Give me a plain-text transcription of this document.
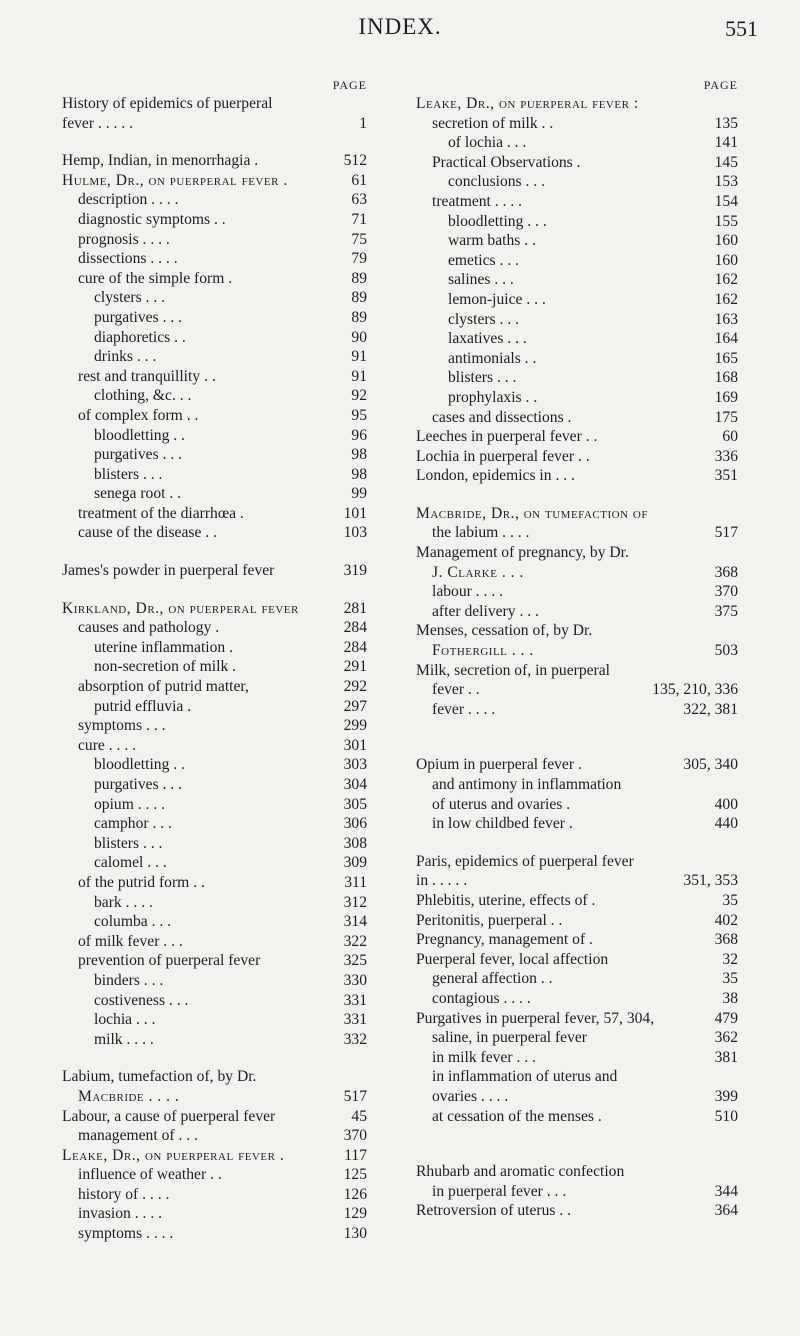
INDEX.	551
PAGE
History of epidemics of puerperal
fever . . . . .	1
Hemp, Indian, in menorrhagia .	512
Hulme, Dr., on puerperal fever .	61
description . . . .	63
diagnostic symptoms . .	71
prognosis . . . .	75
dissections . . . .	79
cure of the simple form .	89
clysters . . .	89
purgatives . . .	89
diaphoretics . .	90
drinks . . .	91
rest and tranquillity . .	91
clothing, &c. . .	92
of complex form . .	95
bloodletting . .	96
purgatives . . .	98
blisters . . .	98
senega root . .	99
treatment of the diarrhœa .	101
cause of the disease . .	103
James's powder in puerperal fever	319
Kirkland, Dr., on puerperal fever	281
causes and pathology .	284
uterine inflammation .	284
non-secretion of milk .	291
absorption of putrid matter,	292
putrid effluvia .	297
symptoms . . .	299
cure . . . .	301
bloodletting . .	303
purgatives . . .	304
opium . . . .	305
camphor . . .	306
blisters . . .	308
calomel . . .	309
of the putrid form . .	311
bark . . . .	312
columba . . .	314
of milk fever . . .	322
prevention of puerperal fever	325
binders . . .	330
costiveness . . .	331
lochia . . .	331
milk . . . .	332
Labium, tumefaction of, by Dr.
Macbride . . . .	517
Labour, a cause of puerperal fever	45
management of . . .	370
Leake, Dr., on puerperal fever .	117
influence of weather . .	125
history of . . . .	126
invasion . . . .	129
symptoms . . . .	130
PAGE
Leake, Dr., on puerperal fever :
secretion of milk . .	135
of lochia . . .	141
Practical Observations .	145
conclusions . . .	153
treatment . . . .	154
bloodletting . . .	155
warm baths . .	160
emetics . . .	160
salines . . .	162
lemon-juice . . .	162
clysters . . .	163
laxatives . . .	164
antimonials . .	165
blisters . . .	168
prophylaxis . .	169
cases and dissections .	175
Leeches in puerperal fever . .	60
Lochia in puerperal fever . .	336
London, epidemics in . . .	351
Macbride, Dr., on tumefaction of
the labium . . . .	517
Management of pregnancy, by Dr.
J. Clarke . . .	368
labour . . . .	370
after delivery . . .	375
Menses, cessation of, by Dr.
Fothergill . . .	503
Milk, secretion of, in puerperal
fever . .	135, 210, 336
fever . . . .	322, 381
Opium in puerperal fever .	305, 340
and antimony in inflammation
of uterus and ovaries .	400
in low childbed fever .	440
Paris, epidemics of puerperal fever
in . . . . .	351, 353
Phlebitis, uterine, effects of .	35
Peritonitis, puerperal . .	402
Pregnancy, management of .	368
Puerperal fever, local affection	32
general affection . .	35
contagious . . . .	38
Purgatives in puerperal fever, 57, 304,	479
saline, in puerperal fever	362
in milk fever . . .	381
in inflammation of uterus and
ovaries . . . .	399
at cessation of the menses .	510
Rhubarb and aromatic confection
in puerperal fever . . .	344
Retroversion of uterus . .	364
